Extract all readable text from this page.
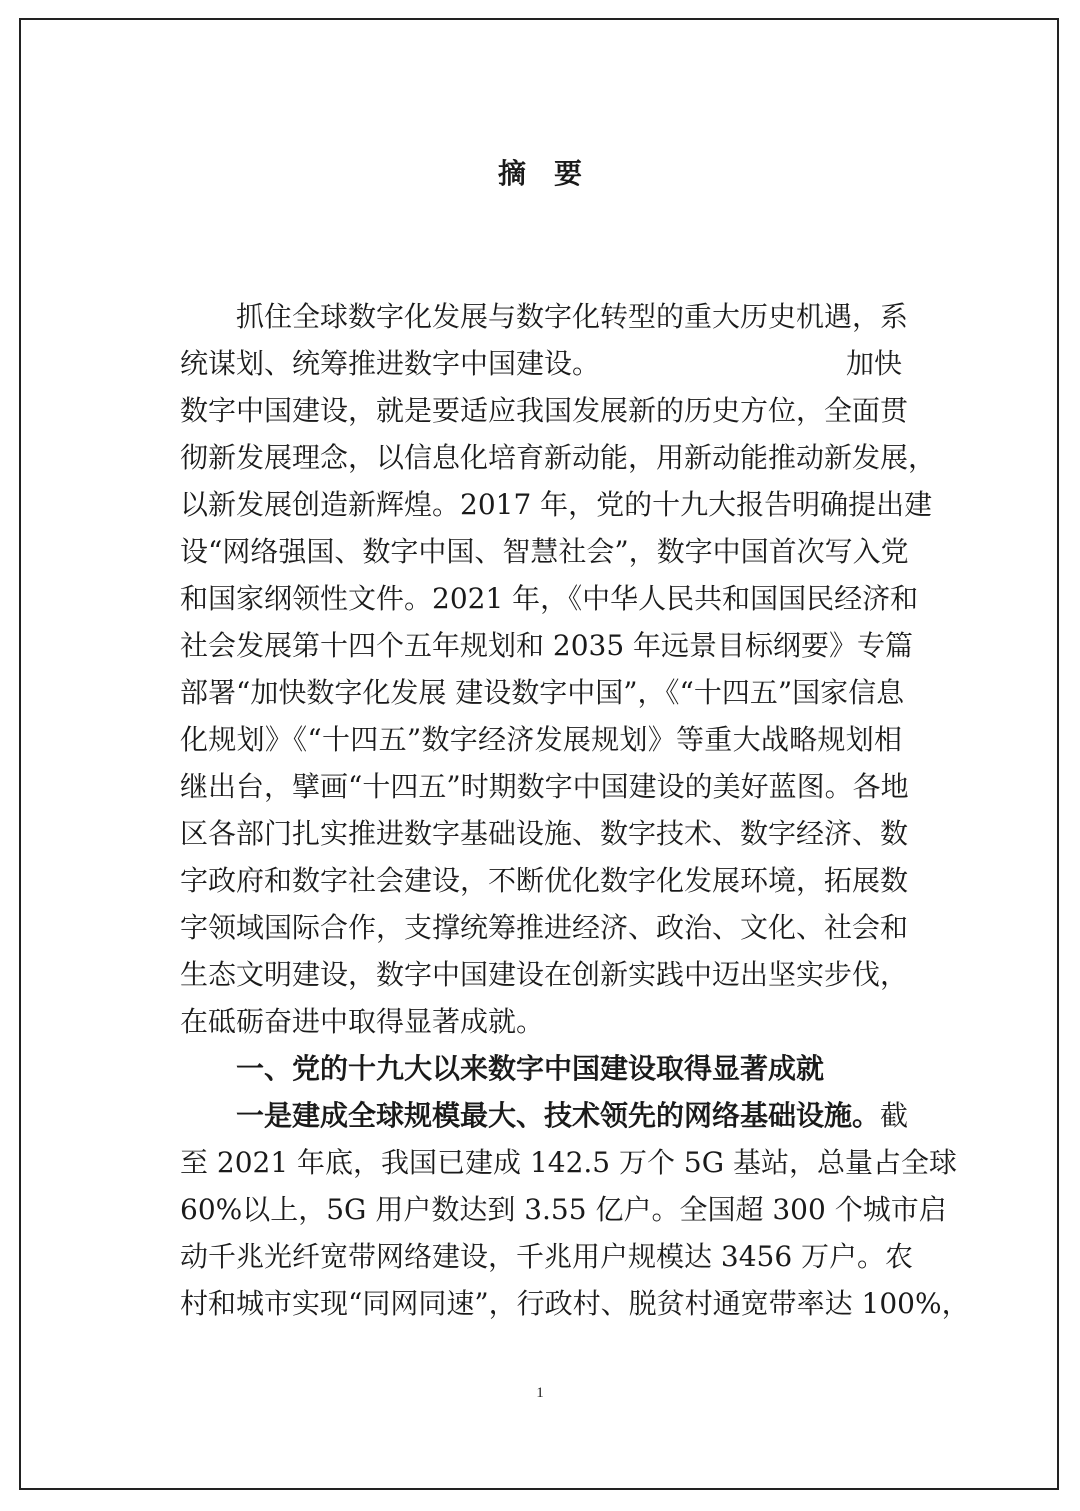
摘要
抓住全球数字化发展与数字化转型的重大历史机遇，系
统谋划、统筹推进数字中国建设。	加快
数字中国建设，就是要适应我国发展新的历史方位，全面贯
彻新发展理念，以信息化培育新动能，用新动能推动新发展，
以新发展创造新辉煌。2017 年，党的十九大报告明确提出建
设“网络强国、数字中国、智慧社会”，数字中国首次写入党
和国家纲领性文件。2021 年，《中华人民共和国国民经济和
社会发展第十四个五年规划和 2035 年远景目标纲要》专篇
部署“加快数字化发展 建设数字中国”，《“十四五”国家信息
化规划》《“十四五”数字经济发展规划》等重大战略规划相
继出台，擘画“十四五”时期数字中国建设的美好蓝图。各地
区各部门扎实推进数字基础设施、数字技术、数字经济、数
字政府和数字社会建设，不断优化数字化发展环境，拓展数
字领域国际合作，支撑统筹推进经济、政治、文化、社会和
生态文明建设，数字中国建设在创新实践中迈出坚实步伐，
在砥砺奋进中取得显著成就。
一、党的十九大以来数字中国建设取得显著成就
一是建成全球规模最大、技术领先的网络基础设施。 截
至 2021 年底，我国已建成 142.5 万个 5G 基站，总量占全球
60%以上，5G 用户数达到 3.55 亿户。全国超 300 个城市启
动千兆光纤宽带网络建设，千兆用户规模达 3456 万户。农
村和城市实现“同网同速”，行政村、脱贫村通宽带率达 100%，
1
